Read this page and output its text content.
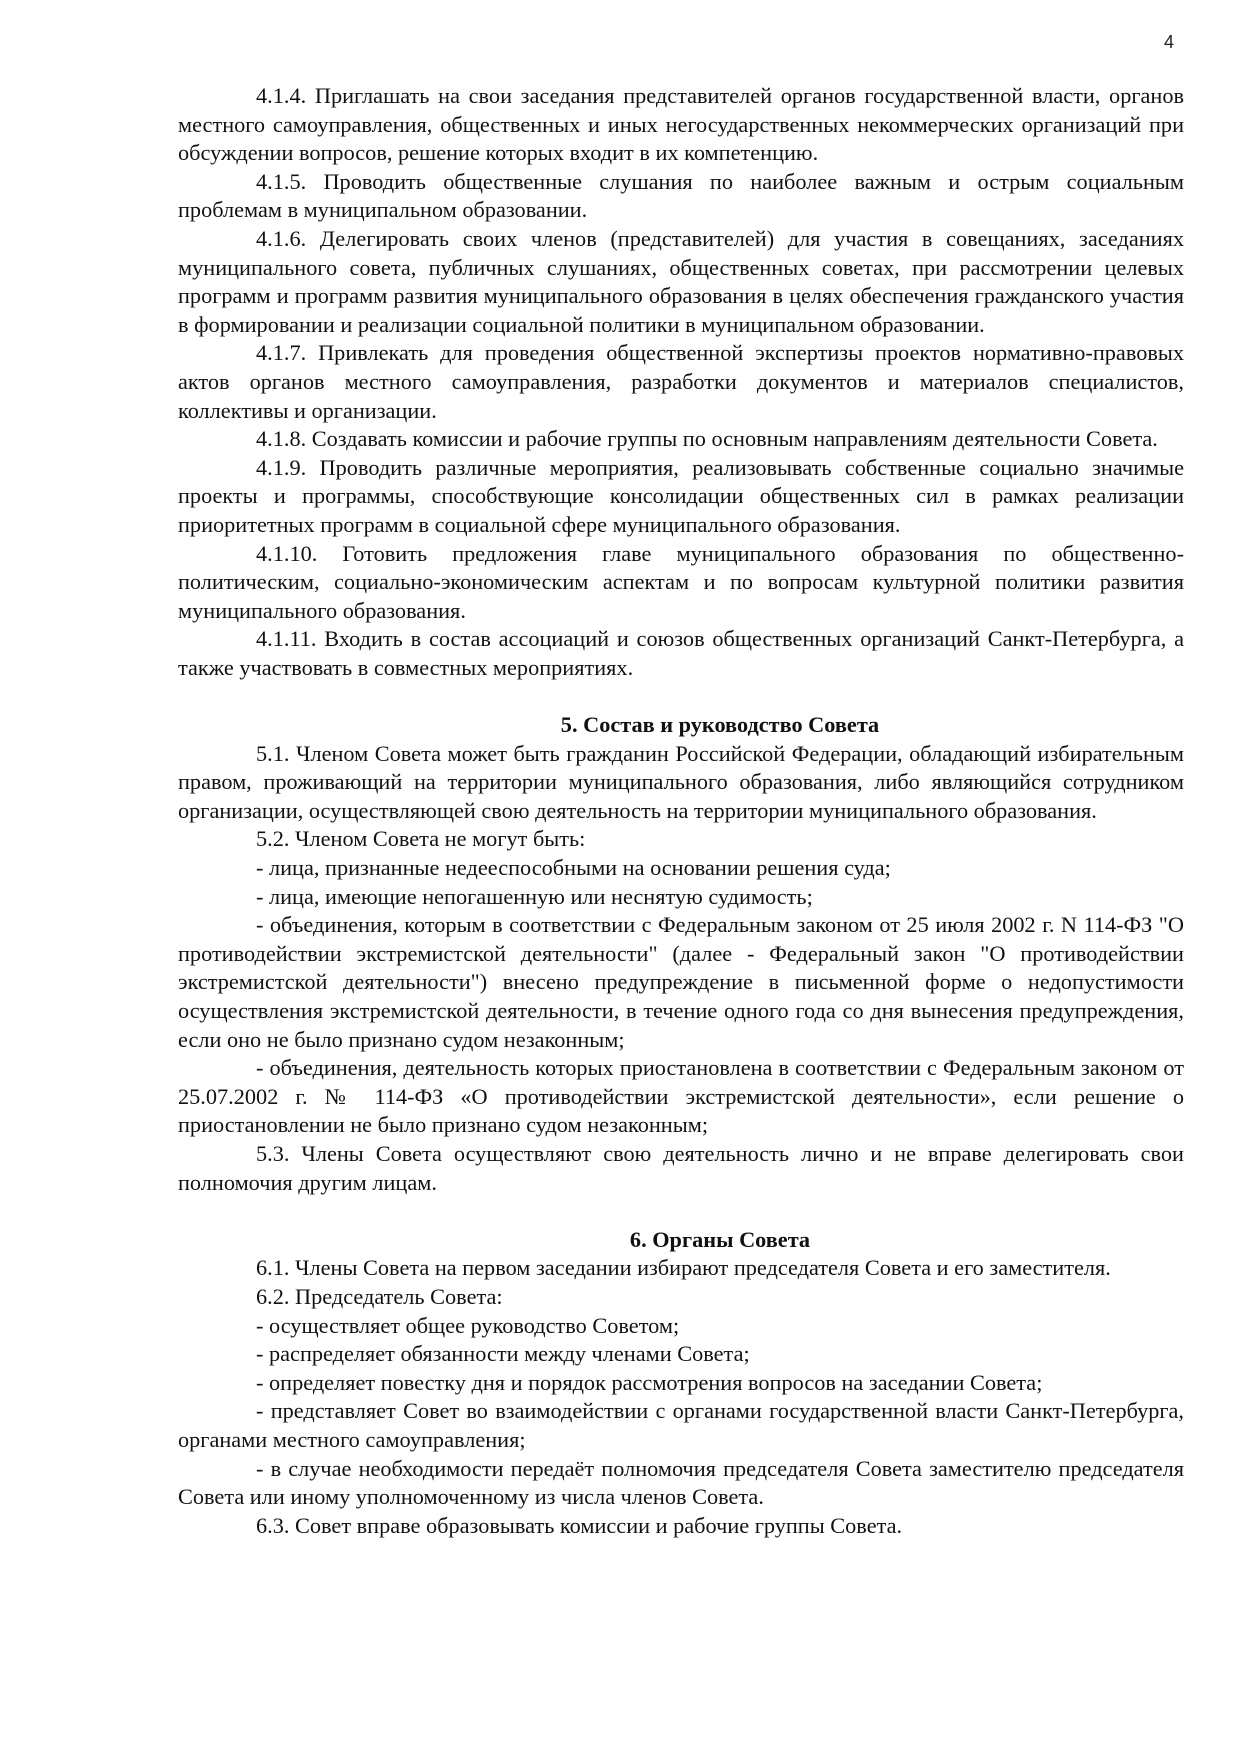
4

4.1.4. Приглашать на свои заседания представителей органов государственной власти, органов местного самоуправления, общественных и иных негосударственных некоммерческих организаций при обсуждении вопросов, решение которых входит в их компетенцию.

4.1.5. Проводить общественные слушания по наиболее важным и острым социальным проблемам в муниципальном образовании.

4.1.6. Делегировать своих членов (представителей) для участия в совещаниях, заседаниях муниципального совета, публичных слушаниях, общественных советах, при рассмотрении целевых программ и программ развития муниципального образования в целях обеспечения гражданского участия в формировании и реализации социальной политики в муниципальном образовании.

4.1.7. Привлекать для проведения общественной экспертизы проектов нормативно-правовых актов органов местного самоуправления, разработки документов и материалов специалистов, коллективы и организации.

4.1.8. Создавать комиссии и рабочие группы по основным направлениям деятельности Совета.

4.1.9. Проводить различные мероприятия, реализовывать собственные социально значимые проекты и программы, способствующие консолидации общественных сил в рамках реализации приоритетных программ в социальной сфере муниципального образования.

4.1.10. Готовить предложения главе муниципального образования по общественно-политическим, социально-экономическим аспектам и по вопросам культурной политики развития муниципального образования.

4.1.11. Входить в состав ассоциаций и союзов общественных организаций Санкт-Петербурга, а также участвовать в совместных мероприятиях.

5. Состав и руководство Совета

5.1. Членом Совета может быть гражданин Российской Федерации, обладающий избирательным правом, проживающий на территории муниципального образования, либо являющийся сотрудником организации, осуществляющей свою деятельность на территории муниципального образования.

5.2. Членом Совета не могут быть:

- лица, признанные недееспособными на основании решения суда;

- лица, имеющие непогашенную или неснятую судимость;

- объединения, которым в соответствии с Федеральным законом от 25 июля 2002 г. N 114-ФЗ "О противодействии экстремистской деятельности" (далее - Федеральный закон "О противодействии экстремистской деятельности") внесено предупреждение в письменной форме о недопустимости осуществления экстремистской деятельности, в течение одного года со дня вынесения предупреждения, если оно не было признано судом незаконным;

- объединения, деятельность которых приостановлена в соответствии с Федеральным законом от 25.07.2002 г. № 114-ФЗ «О противодействии экстремистской деятельности», если решение о приостановлении не было признано судом незаконным;

5.3. Члены Совета осуществляют свою деятельность лично и не вправе делегировать свои полномочия другим лицам.

6. Органы Совета

6.1. Члены Совета на первом заседании избирают председателя Совета и его заместителя.

6.2. Председатель Совета:

- осуществляет общее руководство Советом;

- распределяет обязанности между членами Совета;

- определяет повестку дня и порядок рассмотрения вопросов на заседании Совета;

- представляет Совет во взаимодействии с органами государственной власти Санкт-Петербурга, органами местного самоуправления;

- в случае необходимости передаёт полномочия председателя Совета заместителю председателя Совета или иному уполномоченному из числа членов Совета.

6.3. Совет вправе образовывать комиссии и рабочие группы Совета.
